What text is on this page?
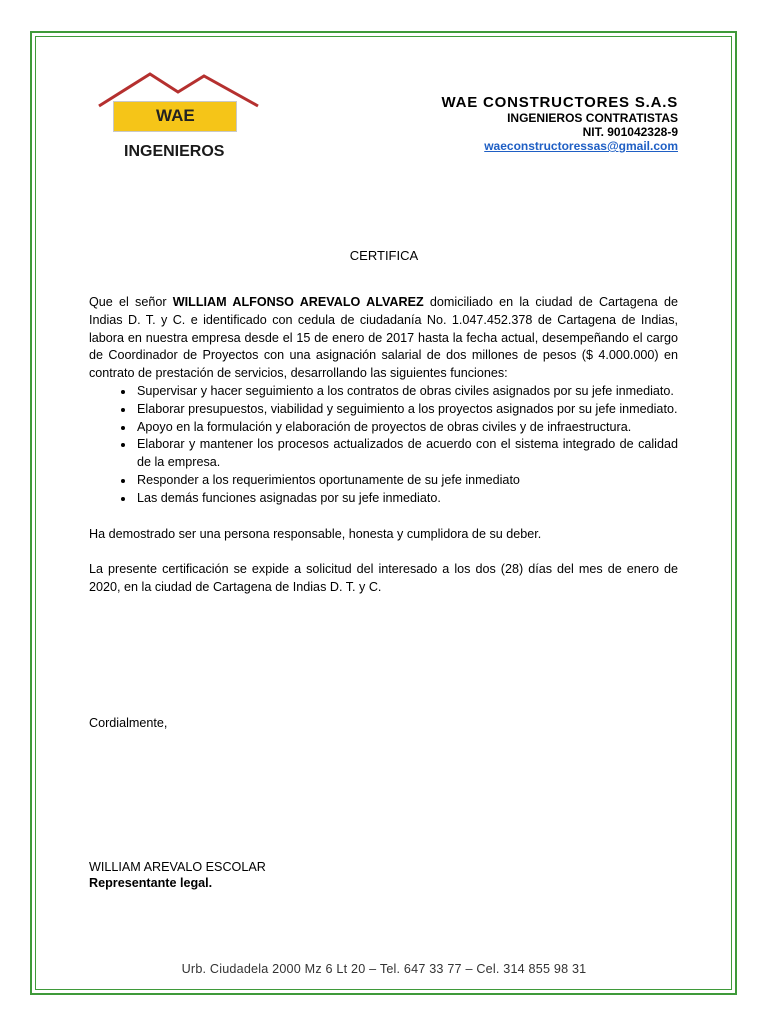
WAE
INGENIEROS
WAE CONSTRUCTORES S.A.S
INGENIEROS CONTRATISTAS
NIT. 901042328-9
waeconstructoressas@gmail.com
CERTIFICA

Que el señor WILLIAM ALFONSO AREVALO ALVAREZ domiciliado en la ciudad de Cartagena de Indias D. T. y C. e identificado con cedula de ciudadanía No. 1.047.452.378 de Cartagena de Indias, labora en nuestra empresa desde el 15 de enero de 2017 hasta la fecha actual, desempeñando el cargo de Coordinador de Proyectos con una asignación salarial de dos millones de pesos ($ 4.000.000) en contrato de prestación de servicios, desarrollando las siguientes funciones:

• Supervisar y hacer seguimiento a los contratos de obras civiles asignados por su jefe inmediato.
• Elaborar presupuestos, viabilidad y seguimiento a los proyectos asignados por su jefe inmediato.
• Apoyo en la formulación y elaboración de proyectos de obras civiles y de infraestructura.
• Elaborar y mantener los procesos actualizados de acuerdo con el sistema integrado de calidad de la empresa.
• Responder a los requerimientos oportunamente de su jefe inmediato
• Las demás funciones asignadas por su jefe inmediato.

Ha demostrado ser una persona responsable, honesta y cumplidora de su deber.

La presente certificación se expide a solicitud del interesado a los dos (28) días del mes de enero de 2020, en la ciudad de Cartagena de Indias D. T. y C.

Cordialmente,
WILLIAM AREVALO ESCOLAR
Representante legal.
Urb. Ciudadela 2000 Mz 6 Lt 20 – Tel. 647 33 77 – Cel. 314 855 98 31
